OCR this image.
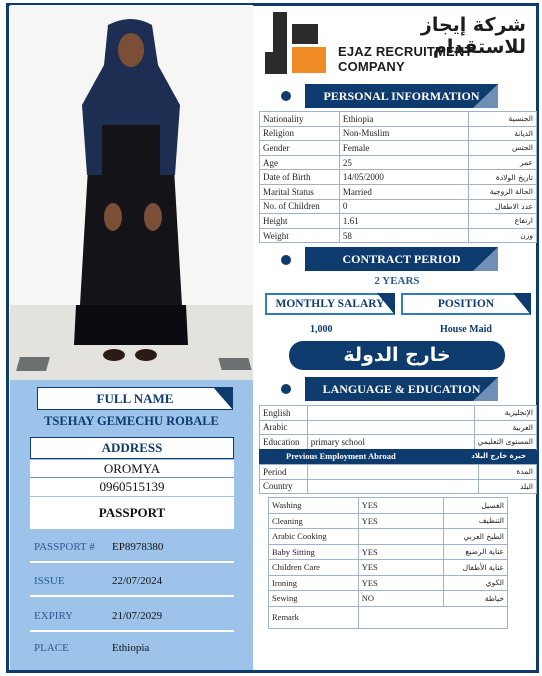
FULL NAME
TSEHAY GEMECHU ROBALE
ADDRESS
OROMYA
0960515139
PASSPORT
PASSPORT # EP8978380
ISSUE	22/07/2024
EXPIRY	21/07/2029
PLACE	Ethiopia
شركة إيجاز للاستقدام
EJAZ RECRUITMENT COMPANY
PERSONAL INFORMATION
Nationality	Ethiopia	الجنسية
Religion	Non-Muslim	الديانة
Gender	Female	الجنس
Age	25	عمر
Date of Birth	14/05/2000	تاريخ الولادة
Marital Status	Married	الحالة الزوجية
No. of Children	0	عدد الاطفال
Height	1.61	ارتفاع
Weight	58	وزن
CONTRACT PERIOD
2 YEARS
MONTHLY SALARY	POSITION
1,000	House Maid
خارج الدولة
LANGUAGE & EDUCATION
English		الإنجليزية
Arabic		العربية
Education	primary school	المستوى التعليمي
Previous Employment Abroad	خبرة خارج البلاد
Period		المدة
Country		البلد
Washing	YES	الغسيل
Cleaning	YES	التنظيف
Arabic Cooking		الطبخ العربي
Baby Sitting	YES	عناية الرضيع
Children Care	YES	عناية الأطفال
Ironing	YES	الكوي
Sewing	NO	خياطة
Remark		
